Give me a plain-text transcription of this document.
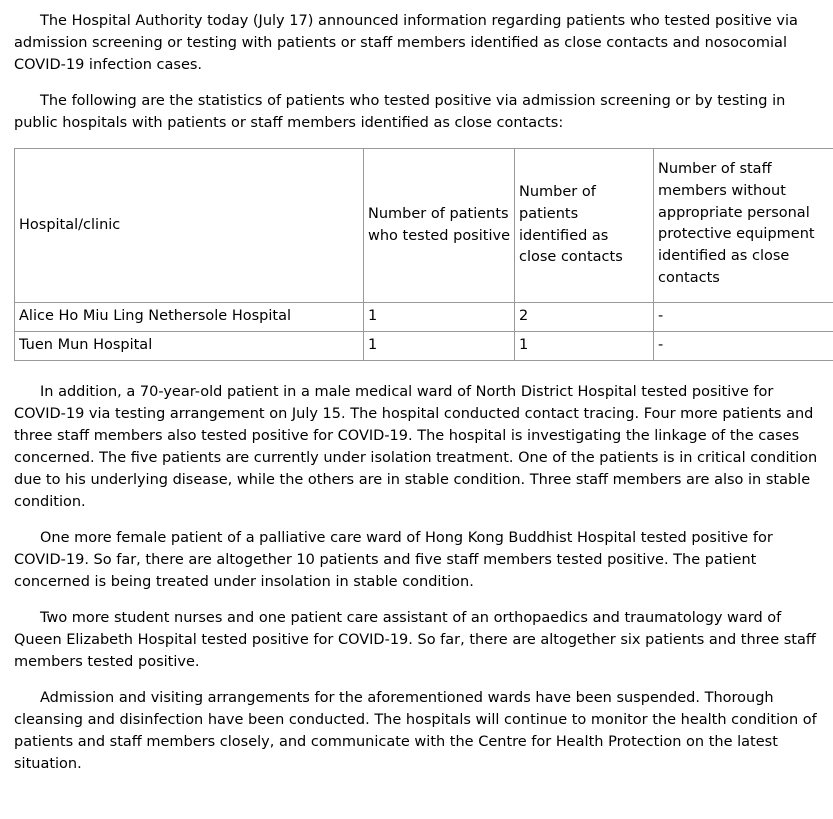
The Hospital Authority today (July 17) announced information regarding patients who tested positive via admission screening or testing with patients or staff members identified as close contacts and nosocomial COVID-19 infection cases.

The following are the statistics of patients who tested positive via admission screening or by testing in public hospitals with patients or staff members identified as close contacts:

Hospital/clinic	Number of patients who tested positive	Number of patients identified as close contacts	Number of staff members without appropriate personal protective equipment identified as close contacts
Alice Ho Miu Ling Nethersole Hospital	1	2	-
Tuen Mun Hospital	1	1	-

In addition, a 70-year-old patient in a male medical ward of North District Hospital tested positive for COVID-19 via testing arrangement on July 15. The hospital conducted contact tracing. Four more patients and three staff members also tested positive for COVID-19. The hospital is investigating the linkage of the cases concerned. The five patients are currently under isolation treatment. One of the patients is in critical condition due to his underlying disease, while the others are in stable condition. Three staff members are also in stable condition.

One more female patient of a palliative care ward of Hong Kong Buddhist Hospital tested positive for COVID-19. So far, there are altogether 10 patients and five staff members tested positive. The patient concerned is being treated under insolation in stable condition.

Two more student nurses and one patient care assistant of an orthopaedics and traumatology ward of Queen Elizabeth Hospital tested positive for COVID-19. So far, there are altogether six patients and three staff members tested positive.

Admission and visiting arrangements for the aforementioned wards have been suspended. Thorough cleansing and disinfection have been conducted. The hospitals will continue to monitor the health condition of patients and staff members closely, and communicate with the Centre for Health Protection on the latest situation.
